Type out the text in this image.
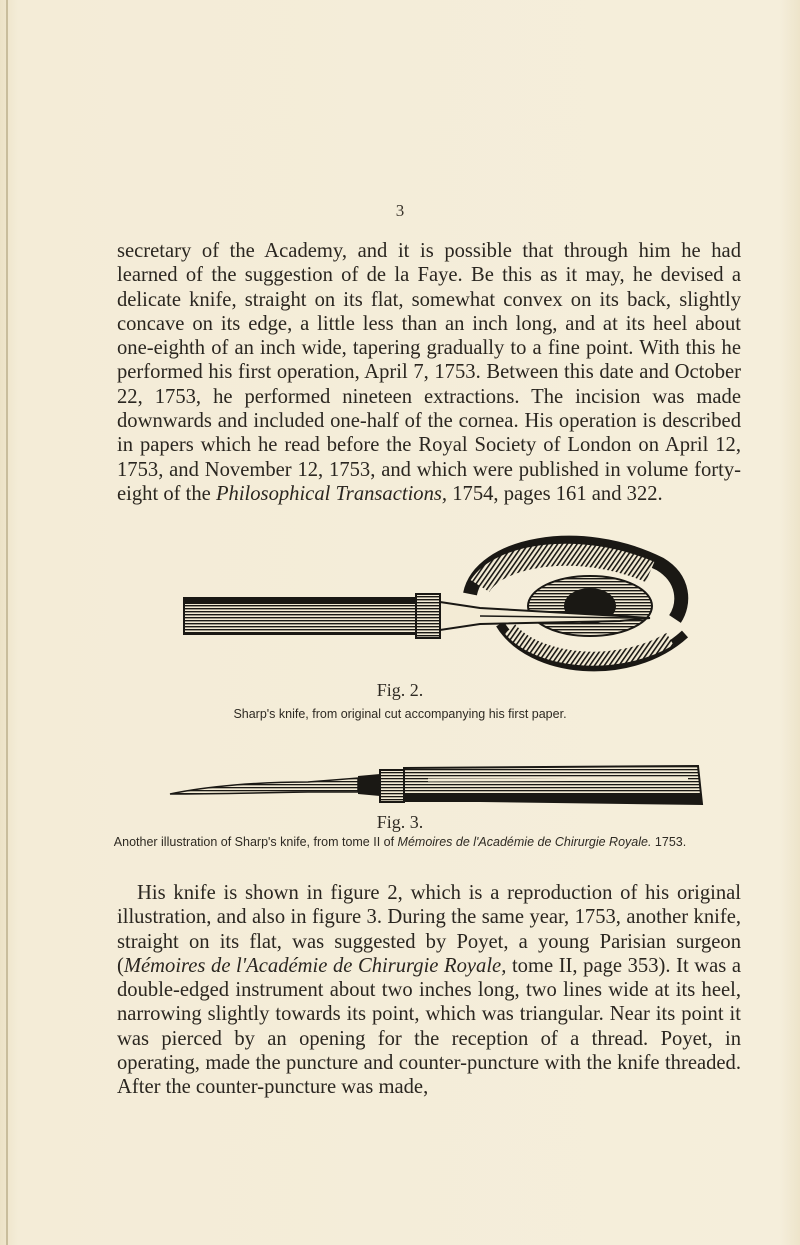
3

secretary of the Academy, and it is possible that through him he had learned of the suggestion of de la Faye. Be this as it may, he devised a delicate knife, straight on its flat, somewhat convex on its back, slightly concave on its edge, a little less than an inch long, and at its heel about one-eighth of an inch wide, tapering gradually to a fine point. With this he performed his first operation, April 7, 1753. Between this date and October 22, 1753, he performed nineteen extractions. The incision was made downwards and included one-half of the cornea. His operation is described in papers which he read before the Royal Society of London on April 12, 1753, and November 12, 1753, and which were published in volume forty-eight of the Philosophical Transactions, 1754, pages 161 and 322.

Fig. 2.
Sharp's knife, from original cut accompanying his first paper.
Fig. 3.
Another illustration of Sharp's knife, from tome II of Mémoires de l'Académie de Chirurgie Royale. 1753.

His knife is shown in figure 2, which is a reproduction of his original illustration, and also in figure 3. During the same year, 1753, another knife, straight on its flat, was suggested by Poyet, a young Parisian surgeon (Mémoires de l'Académie de Chirurgie Royale, tome II, page 353). It was a double-edged instrument about two inches long, two lines wide at its heel, narrowing slightly towards its point, which was triangular. Near its point it was pierced by an opening for the reception of a thread. Poyet, in operating, made the puncture and counter-puncture with the knife threaded. After the counter-puncture was made,
